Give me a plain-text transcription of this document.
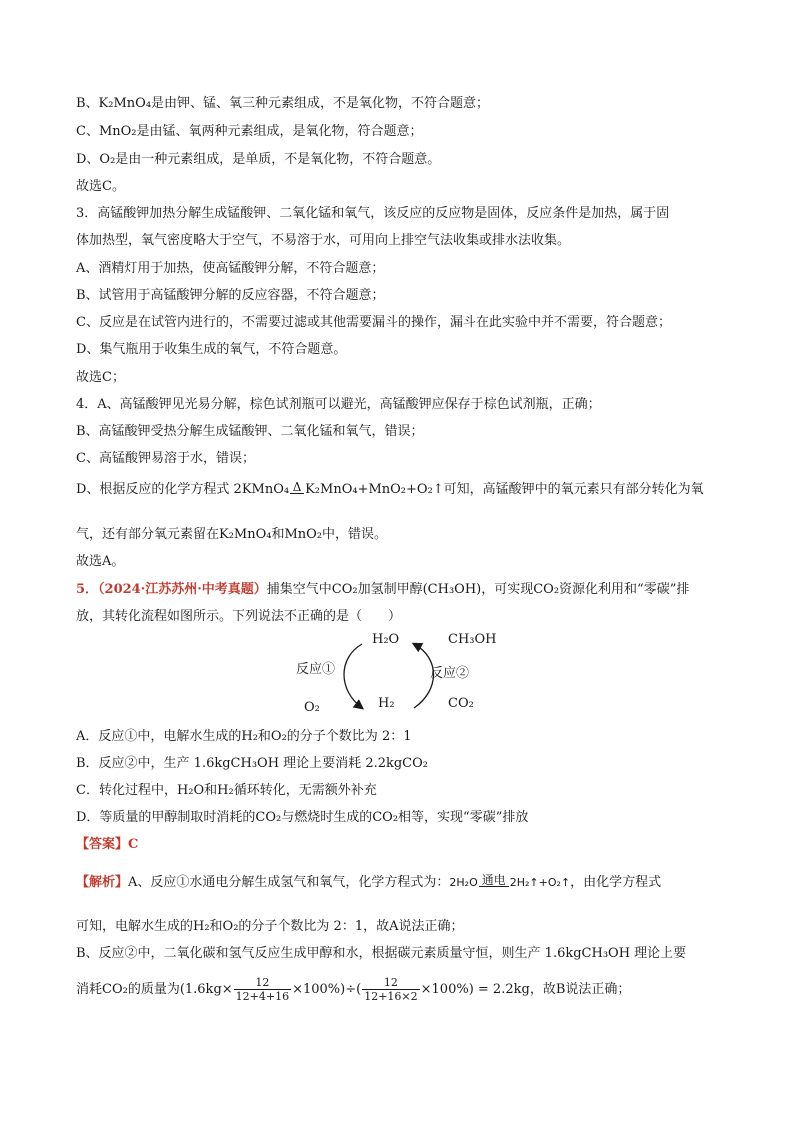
B、K₂MnO₄是由钾、锰、氧三种元素组成，不是氧化物，不符合题意；
C、MnO₂是由锰、氧两种元素组成，是氧化物，符合题意；
D、O₂是由一种元素组成，是单质，不是氧化物，不符合题意。
故选C。
3．高锰酸钾加热分解生成锰酸钾、二氧化锰和氧气，该反应的反应物是固体，反应条件是加热，属于固
体加热型，氧气密度略大于空气，不易溶于水，可用向上排空气法收集或排水法收集。
A、酒精灯用于加热，使高锰酸钾分解，不符合题意；
B、试管用于高锰酸钾分解的反应容器，不符合题意；
C、反应是在试管内进行的，不需要过滤或其他需要漏斗的操作，漏斗在此实验中并不需要，符合题意；
D、集气瓶用于收集生成的氧气，不符合题意。
故选C；
4．A、高锰酸钾见光易分解，棕色试剂瓶可以避光，高锰酸钾应保存于棕色试剂瓶，正确；
B、高锰酸钾受热分解生成锰酸钾、二氧化锰和氧气，错误；
C、高锰酸钾易溶于水，错误；
D、根据反应的化学方程式 2KMnO₄ Δ K₂MnO₄+MnO₂+O₂↑可知，高锰酸钾中的氧元素只有部分转化为氧
气，还有部分氧元素留在K₂MnO₄和MnO₂中，错误。
故选A。
5．（2024·江苏苏州·中考真题）捕集空气中CO₂加氢制甲醇(CH₃OH)，可实现CO₂资源化利用和“零碳”排
放，其转化流程如图所示。下列说法不正确的是（　　）
H₂O	CH₃OH
反应①	反应②
O₂	H₂	CO₂
A．反应①中，电解水生成的H₂和O₂的分子个数比为 2：1
B．反应②中，生产 1.6kgCH₃OH 理论上要消耗 2.2kgCO₂
C．转化过程中，H₂O和H₂循环转化，无需额外补充
D．等质量的甲醇制取时消耗的CO₂与燃烧时生成的CO₂相等，实现“零碳”排放
【答案】C
【解析】A、反应①水通电分解生成氢气和氧气，化学方程式为：2H₂O 通电 2H₂↑+O₂↑，由化学方程式
可知，电解水生成的H₂和O₂的分子个数比为 2：1，故A说法正确；
B、反应②中，二氧化碳和氢气反应生成甲醇和水，根据碳元素质量守恒，则生产 1.6kgCH₃OH 理论上要
消耗CO₂的质量为$(1.6kg\times \frac{12}{12+4+16} \times 100\%)\div( \frac{12}{12+16\times 2} \times 100\%) = 2.2kg$，故B说法正确；
